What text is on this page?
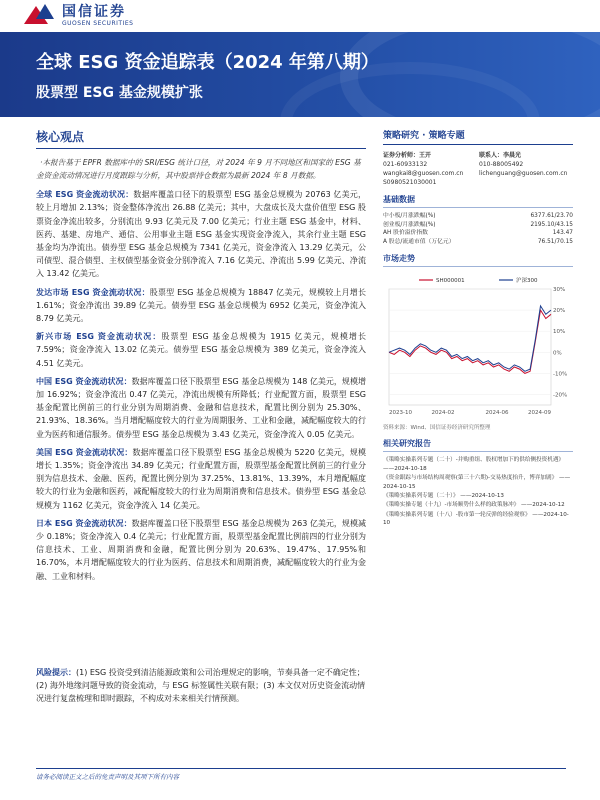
国信证券
GUOSEN SECURITIES
全球 ESG 资金追踪表（2024 年第八期）
股票型 ESG 基金规模扩张
核心观点
·本报告基于 EPFR 数据库中的 SRI/ESG 统计口径，对 2024 年 9 月不同地区和国家的 ESG 基金资金流动情况进行月度跟踪与分析，其中股票持仓数据为最新 2024 年 8 月数据。
全球 ESG 资金流动状况：数据库覆盖口径下的股票型 ESG 基金总规模为 20763 亿美元，较上月增加 2.13%；资金整体净流出 26.88 亿美元；其中，大盘成长及大盘价值型 ESG 股票资金净流出较多，分别流出 9.93 亿美元及 7.00 亿美元；行业主题 ESG 基金中，材料、医药、基建、房地产、通信、公用事业主题 ESG 基金实现资金净流入，其余行业主题 ESG 基金均为净流出。债券型 ESG 基金总规模为 7341 亿美元，资金净流入 13.29 亿美元，公司债型、混合债型、主权债型基金资金分别净流入 7.16 亿美元、净流出 5.99 亿美元、净流入 13.42 亿美元。
发达市场 ESG 资金流动状况：股票型 ESG 基金总规模为 18847 亿美元，规模较上月增长 1.61%；资金净流出 39.89 亿美元。债券型 ESG 基金总规模为 6952 亿美元，资金净流入 8.79 亿美元。
新兴市场 ESG 资金流动状况：股票型 ESG 基金总规模为 1915 亿美元，规模增长 7.59%；资金净流入 13.02 亿美元。债券型 ESG 基金总规模为 389 亿美元，资金净流入 4.51 亿美元。
中国 ESG 资金流动状况：数据库覆盖口径下股票型 ESG 基金总规模为 148 亿美元，规模增加 16.92%；资金净流出 0.47 亿美元，净流出规模有所降低；行业配置方面，股票型 ESG 基金配置比例前三的行业分别为周期消费、金融和信息技术，配置比例分别为 25.30%、21.93%、18.36%。当月增配幅度较大的行业为周期服务、工业和金融，减配幅度较大的行业为医药和通信服务。债券型 ESG 基金总规模为 3.43 亿美元，资金净流入 0.05 亿美元。
美国 ESG 资金流动状况：数据库覆盖口径下股票型 ESG 基金总规模为 5220 亿美元，规模增长 1.35%；资金净流出 34.89 亿美元；行业配置方面，股票型基金配置比例前三的行业分别为信息技术、金融、医药，配置比例分别为 37.25%、13.81%、13.39%，本月增配幅度较大的行业为金融和医药，减配幅度较大的行业为周期消费和信息技术。债券型 ESG 基金总规模为 1162 亿美元，资金净流入 14 亿美元。
日本 ESG 资金流动状况：数据库覆盖口径下股票型 ESG 基金总规模为 263 亿美元，规模减少 0.18%；资金净流入 0.4 亿美元；行业配置方面，股票型基金配置比例前四的行业分别为信息技术、工业、周期消费和金融，配置比例分别为 20.63%、19.47%、17.95%和 16.70%，本月增配幅度较大的行业为医药、信息技术和周期消费，减配幅度较大的行业为金融、工业和材料。
风险提示：(1) ESG 投资受到清洁能源政策和公司治理规定的影响，节奏具备一定不确定性；(2) 海外地缘问题导致的资金流动，与 ESG 标签属性关联有限；(3) 本文仅对历史资金流动情况进行复盘梳理和即时跟踪，不构成对未来相关行情预测。
策略研究 · 策略专题
证券分析师：王开
021-60933132
wangkai8@guosen.com.cn
S0980521030001
联系人：李晨光
010-88005492
lichenguang@guosen.com.cn
基础数据
中小板/月涨跌幅(%)	6377.61/23.70
创业板/月涨跌幅(%)	2195.10/43.15
AH 股价溢价指数	143.47
A 股总/流通市值（万亿元）	76.51/70.15
市场走势
30%
20%
10%
0%
-10%
-20%
2023-10	2024-02	2024-06	2024-09
SH000001	沪深300
资料来源：Wind、国信证券经济研究所整理
相关研究报告
《策略实操系列专题（二十）-并购重组、股权增加下的供给侧投资机遇》 ——2024-10-18
《资金跟踪与市场结构周观察(第三十六期)-交易热度抬升，博弈加剧》 ——2024-10-15
《策略实操系列专题（二十）》 ——2024-10-13
《策略实操专题（十九）-市场顺势什么样的政策脉冲》 ——2024-10-12
《策略实操系列专题（十八）-股市第一轮反弹的经验观察》 ——2024-10-10
请务必阅读正文之后的免责声明及其项下所有内容
